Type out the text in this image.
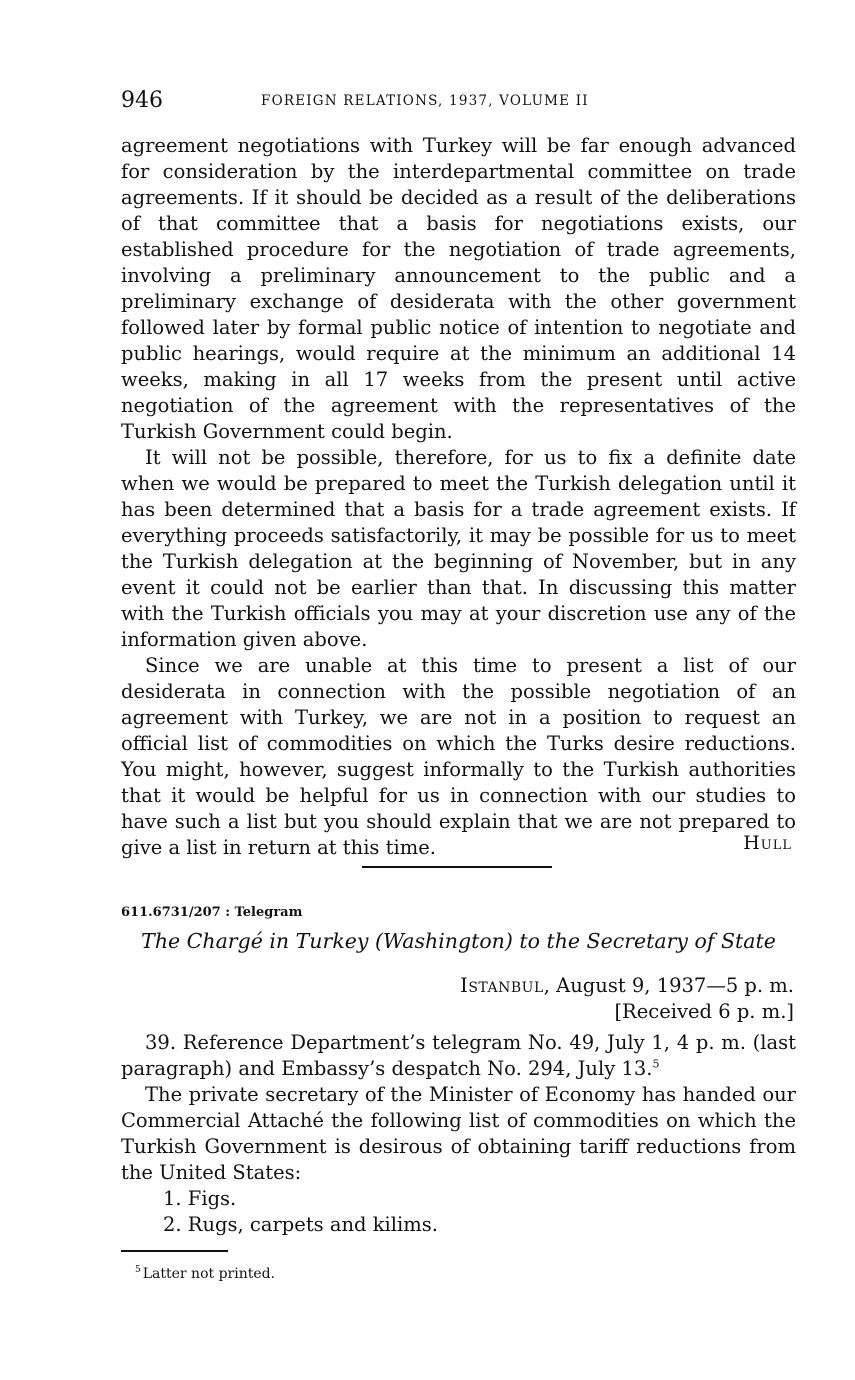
946	FOREIGN RELATIONS, 1937, VOLUME II

agreement negotiations with Turkey will be far enough advanced for consideration by the interdepartmental committee on trade agreements. If it should be decided as a result of the deliberations of that committee that a basis for negotiations exists, our established procedure for the negotiation of trade agreements, involving a preliminary announcement to the public and a preliminary exchange of desiderata with the other government followed later by formal public notice of intention to negotiate and public hearings, would require at the minimum an additional 14 weeks, making in all 17 weeks from the present until active negotiation of the agreement with the representatives of the Turkish Government could begin.

It will not be possible, therefore, for us to fix a definite date when we would be prepared to meet the Turkish delegation until it has been determined that a basis for a trade agreement exists. If everything proceeds satisfactorily, it may be possible for us to meet the Turkish delegation at the beginning of November, but in any event it could not be earlier than that. In discussing this matter with the Turkish officials you may at your discretion use any of the information given above.

Since we are unable at this time to present a list of our desiderata in connection with the possible negotiation of an agreement with Turkey, we are not in a position to request an official list of commodities on which the Turks desire reductions. You might, however, suggest informally to the Turkish authorities that it would be helpful for us in connection with our studies to have such a list but you should explain that we are not prepared to give a list in return at this time.	Hull
611.6731/207 : Telegram
The Chargé in Turkey (Washington) to the Secretary of State
Istanbul, August 9, 1937—5 p. m.
[Received 6 p. m.]

39. Reference Department’s telegram No. 49, July 1, 4 p. m. (last paragraph) and Embassy’s despatch No. 294, July 13.$^5$

The private secretary of the Minister of Economy has handed our Commercial Attaché the following list of commodities on which the Turkish Government is desirous of obtaining tariff reductions from the United States:

1. Figs.
2. Rugs, carpets and kilims.
$^5$ Latter not printed.
